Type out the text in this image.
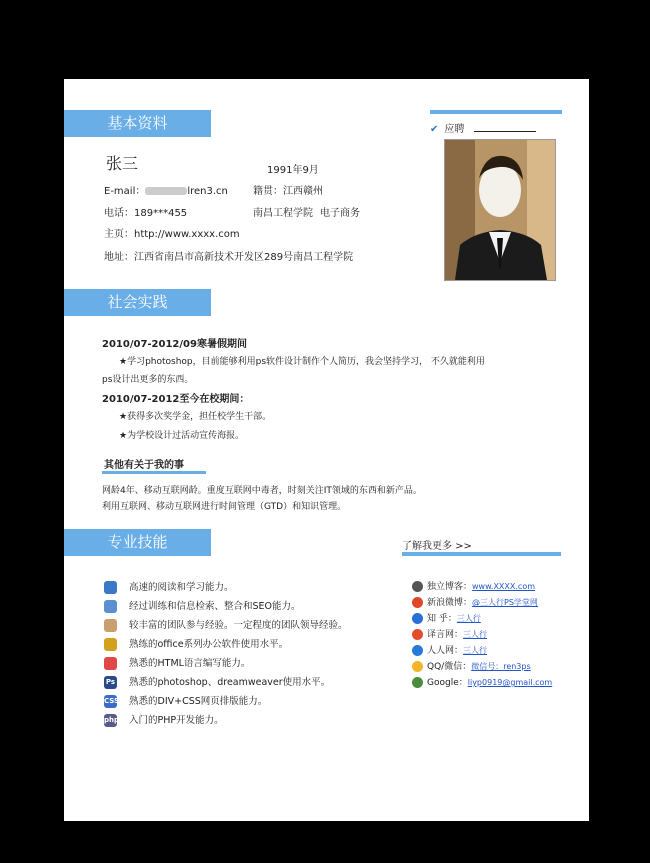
基本资料
张三	1991年9月
E-mail：	lren3.cn	籍贯：江西赣州
电话：189***455	南昌工程学院 电子商务
主页：http://www.xxxx.com
地址：江西省南昌市高新技术开发区289号南昌工程学院
✔ 应聘
社会实践
2010/07-2012/09寒暑假期间
★学习photoshop，目前能够利用ps软件设计制作个人简历，我会坚持学习， 不久就能利用
ps设计出更多的东西。
2010/07-2012至今在校期间：
★获得多次奖学金，担任校学生干部。
★为学校设计过活动宣传海报。
其他有关于我的事
网龄4年、移动互联网龄。重度互联网中毒者，时刻关注IT领域的东西和新产品。
利用互联网、移动互联网进行时间管理（GTD）和知识管理。
专业技能
高速的阅读和学习能力。
经过训练和信息检索、整合和SEO能力。
较丰富的团队参与经验。一定程度的团队领导经验。
熟练的office系列办公软件使用水平。
熟悉的HTML语言编写能力。
Ps 熟悉的photoshop、dreamweaver使用水平。
CSS 熟悉的DIV+CSS网页排版能力。
php 入门的PHP开发能力。
了解我更多 >>
独立博客：www.XXXX.com
新浪微博：@三人行PS学堂网
知 乎：三人行
译言网：三人行
人人网：三人行
QQ/微信：微信号：ren3ps
Google：liyp0919@gmail.com
